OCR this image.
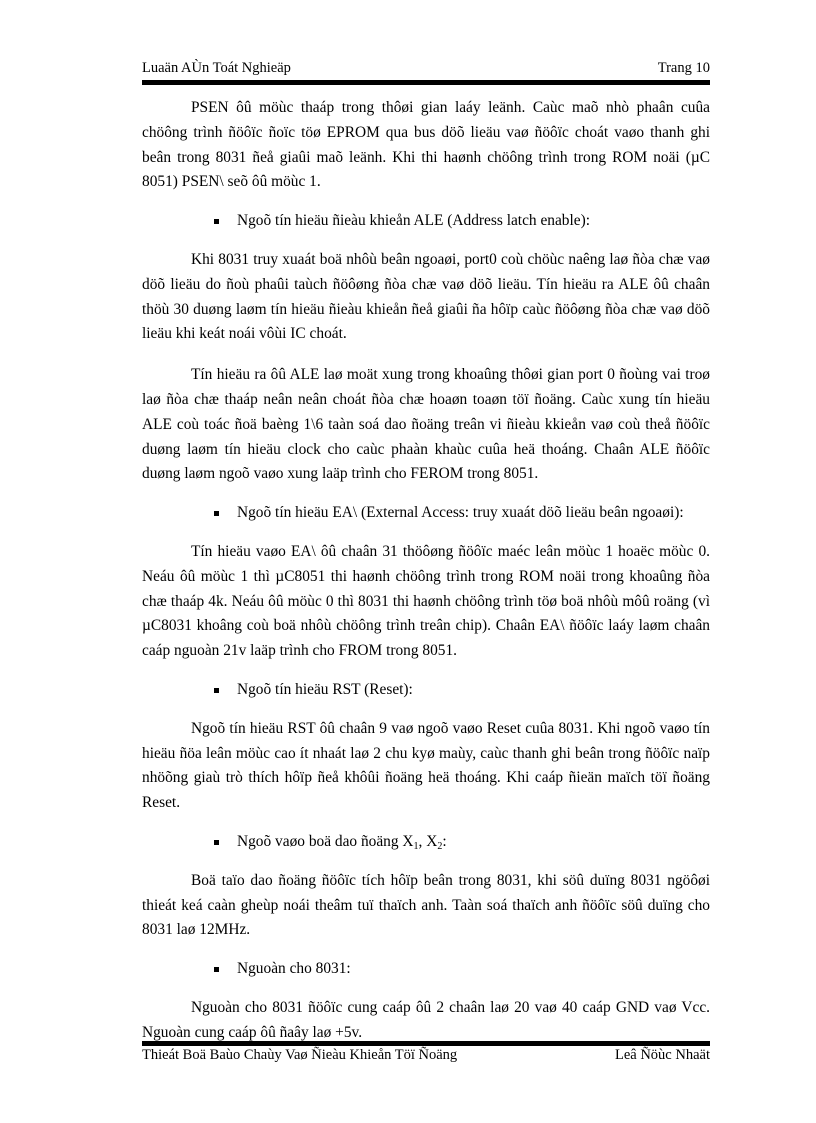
Luaän AÙn Toát Nghieäp	Trang 10

PSEN ôû möùc thaáp trong thôøi gian laáy leänh. Caùc maõ nhò phaân cuûa chöông trình ñöôïc ñoïc töø EPROM qua bus döõ lieäu vaø ñöôïc choát vaøo thanh ghi beân trong 8031 ñeå giaûi maõ leänh. Khi thi haønh chöông trình trong ROM noäi (µC 8051) PSEN\ seõ ôû möùc 1.

Ngoõ tín hieäu ñieàu khieån ALE (Address latch enable):

Khi 8031 truy xuaát boä nhôù beân ngoaøi, port0 coù chöùc naêng laø ñòa chæ vaø döõ lieäu do ñoù phaûi taùch ñöôøng ñòa chæ vaø döõ lieäu. Tín hieäu ra ALE ôû chaân thöù 30 duøng laøm tín hieäu ñieàu khieån ñeå giaûi ña hôïp caùc ñöôøng ñòa chæ vaø döõ lieäu khi keát noái vôùi IC choát.

Tín hieäu ra ôû ALE laø moät xung trong khoaûng thôøi gian port 0 ñoùng vai troø laø ñòa chæ thaáp neân neân choát ñòa chæ hoaøn toaøn töï ñoäng. Caùc xung tín hieäu ALE coù toác ñoä baèng 1\6 taàn soá dao ñoäng treân vi ñieàu kkieån vaø coù theå ñöôïc duøng laøm tín hieäu clock cho caùc phaàn khaùc cuûa heä thoáng. Chaân ALE ñöôïc duøng laøm ngoõ vaøo xung laäp trình cho FEROM trong 8051.

Ngoõ tín hieäu EA\ (External Access: truy xuaát döõ lieäu beân ngoaøi):

Tín hieäu vaøo EA\ ôû chaân 31 thöôøng ñöôïc maéc leân möùc 1 hoaëc möùc 0. Neáu ôû möùc 1 thì µC8051 thi haønh chöông trình trong ROM noäi trong khoaûng ñòa chæ thaáp 4k. Neáu ôû möùc 0 thì 8031 thi haønh chöông trình töø boä nhôù môû roäng (vì µC8031 khoâng coù boä nhôù chöông trình treân chip). Chaân EA\ ñöôïc laáy laøm chaân caáp nguoàn 21v laäp trình cho FROM trong 8051.

Ngoõ tín hieäu RST (Reset):

Ngoõ tín hieäu RST ôû chaân 9 vaø ngoõ vaøo Reset cuûa 8031. Khi ngoõ vaøo tín hieäu ñöa leân möùc cao ít nhaát laø 2 chu kyø maùy, caùc thanh ghi beân trong ñöôïc naïp nhöõng giaù trò thích hôïp ñeå khôûi ñoäng heä thoáng. Khi caáp ñieän maïch töï ñoäng Reset.

Ngoõ vaøo boä dao ñoäng $X_1$, $X_2$:

Boä taïo dao ñoäng ñöôïc tích hôïp beân trong 8031, khi söû duïng 8031 ngöôøi thieát keá caàn gheùp noái theâm tuï thaïch anh. Taàn soá thaïch anh ñöôïc söû duïng cho 8031 laø 12MHz.

Nguoàn cho 8031:

Nguoàn cho 8031 ñöôïc cung caáp ôû 2 chaân laø 20 vaø 40 caáp GND vaø Vcc. Nguoàn cung caáp ôû ñaây laø +5v.

Thieát Boä Baùo Chaùy Vaø Ñieàu Khieån Töï Ñoäng	Leâ Ñöùc Nhaät
